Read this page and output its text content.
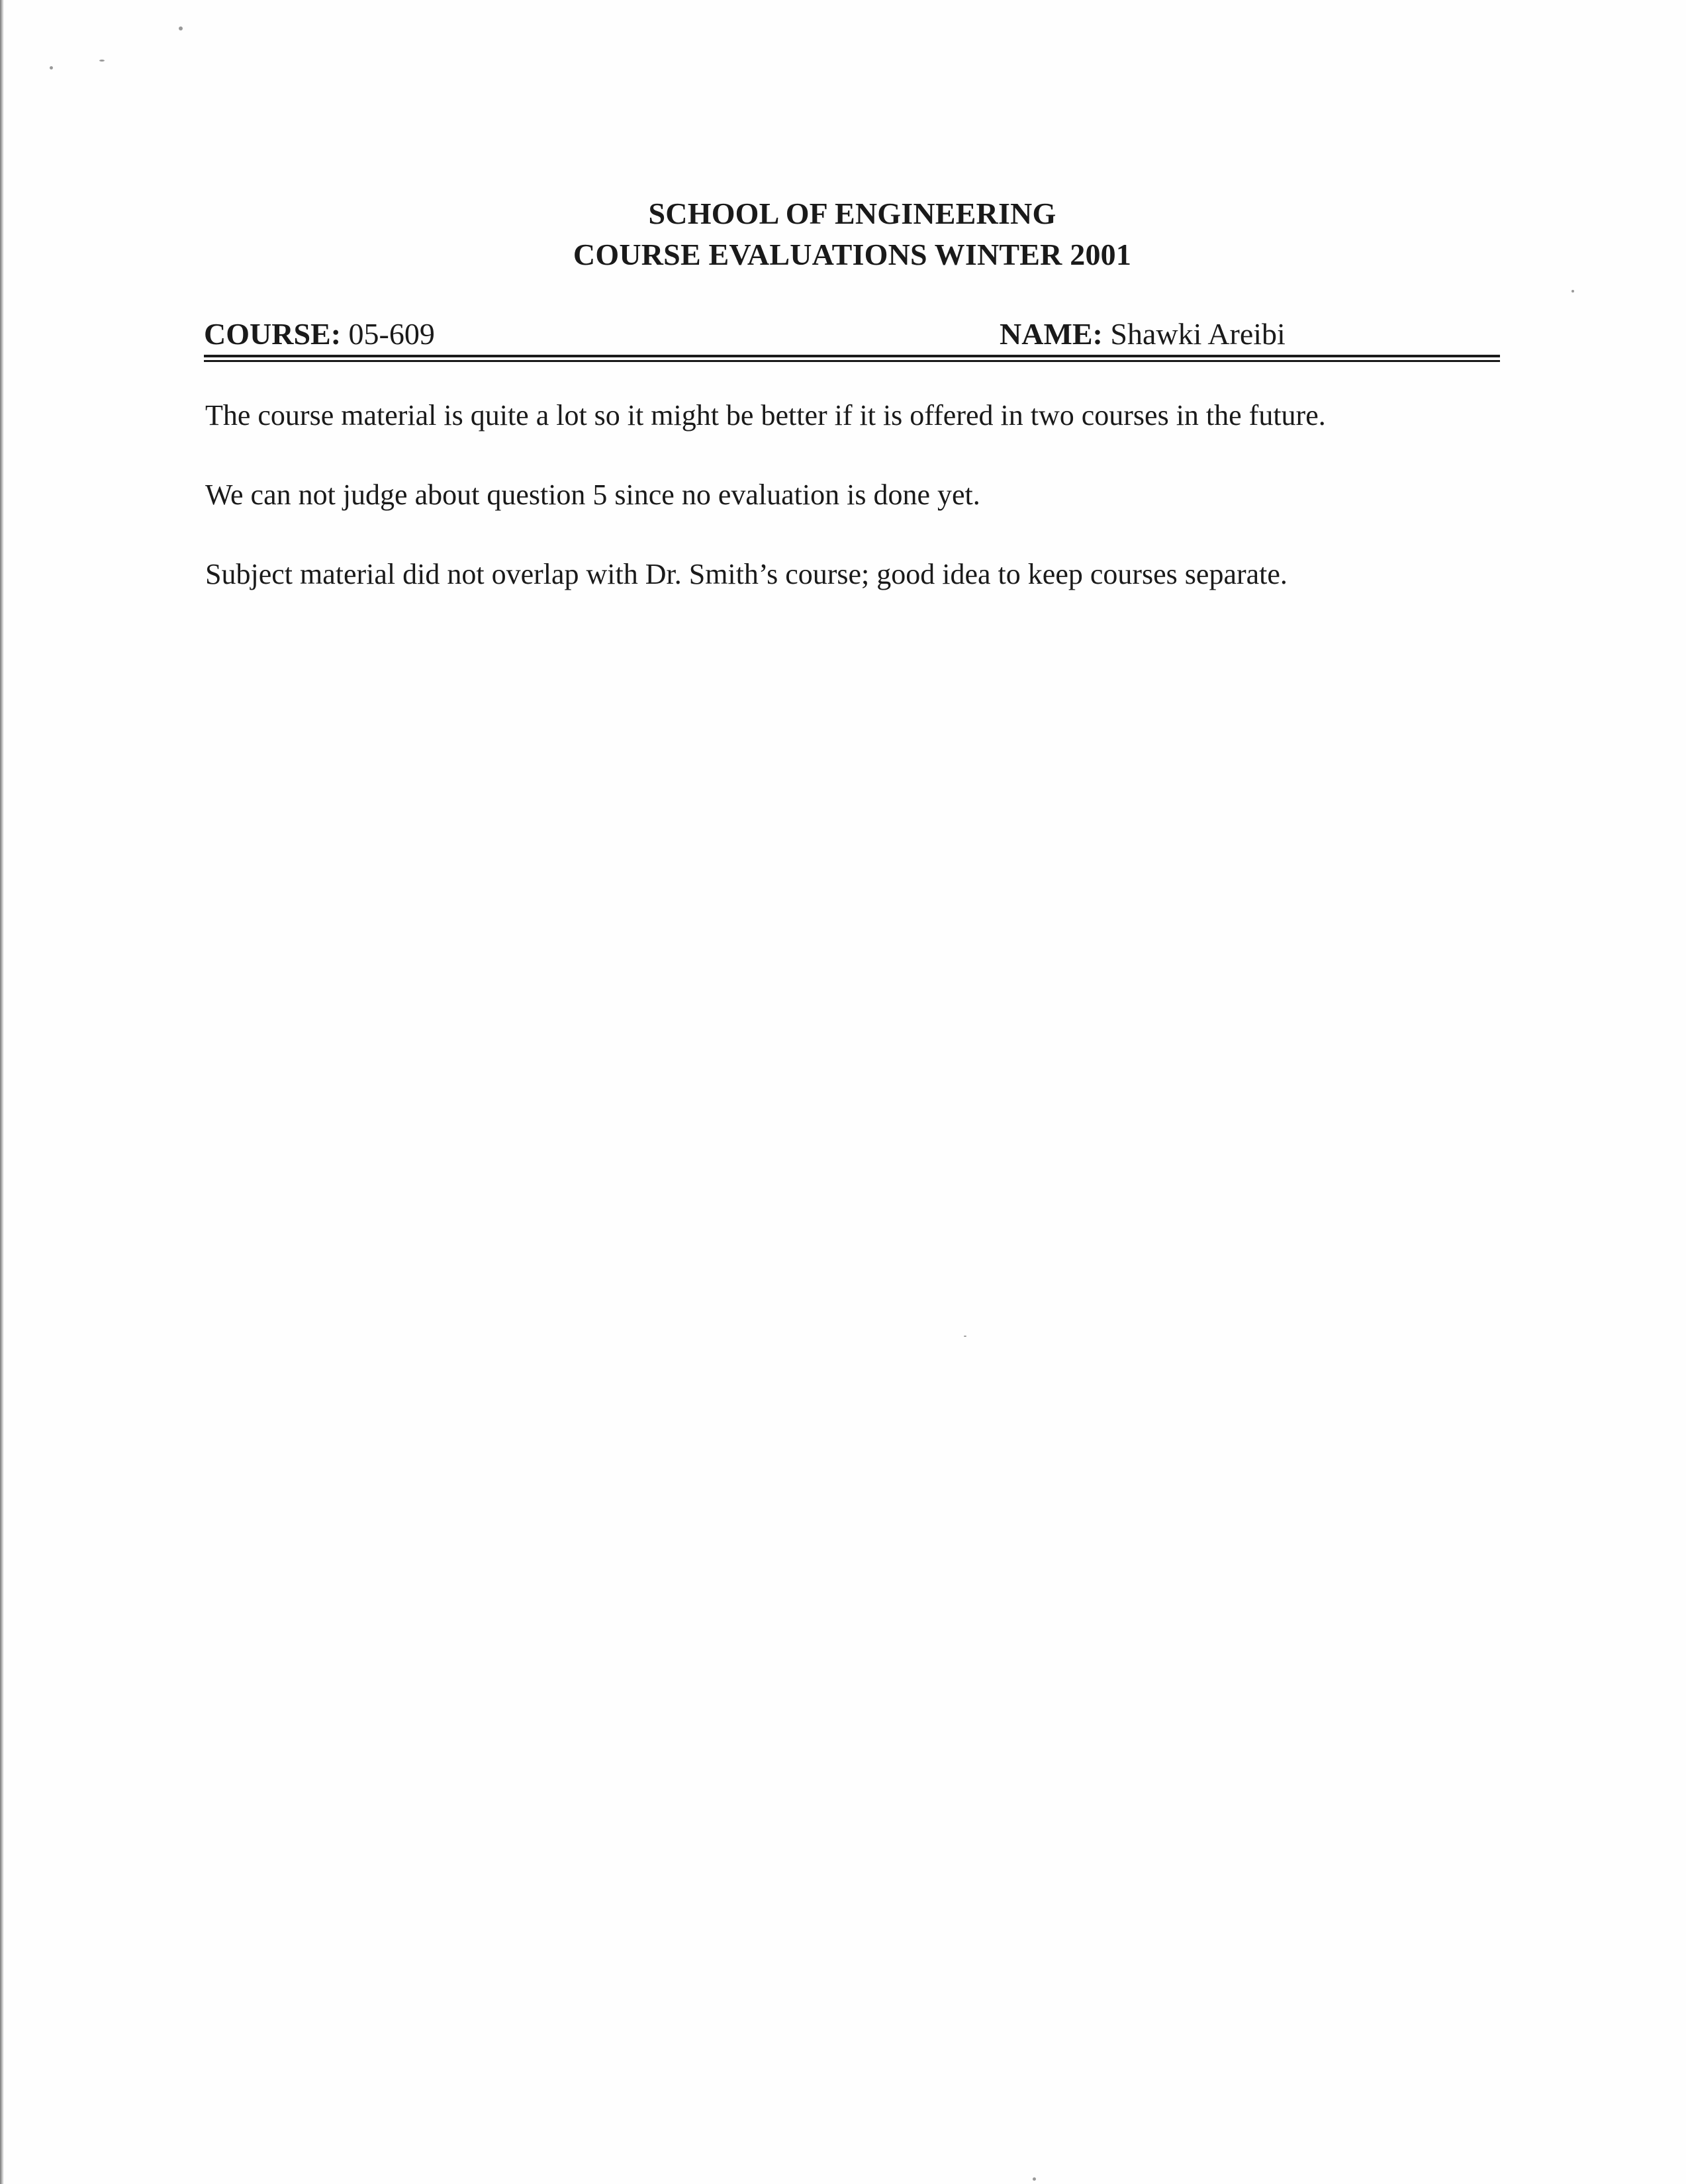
SCHOOL OF ENGINEERING
COURSE EVALUATIONS WINTER 2001
COURSE: 05-609	NAME: Shawki Areibi

The course material is quite a lot so it might be better if it is offered in two courses in the future.

We can not judge about question 5 since no evaluation is done yet.

Subject material did not overlap with Dr. Smith’s course; good idea to keep courses separate.
